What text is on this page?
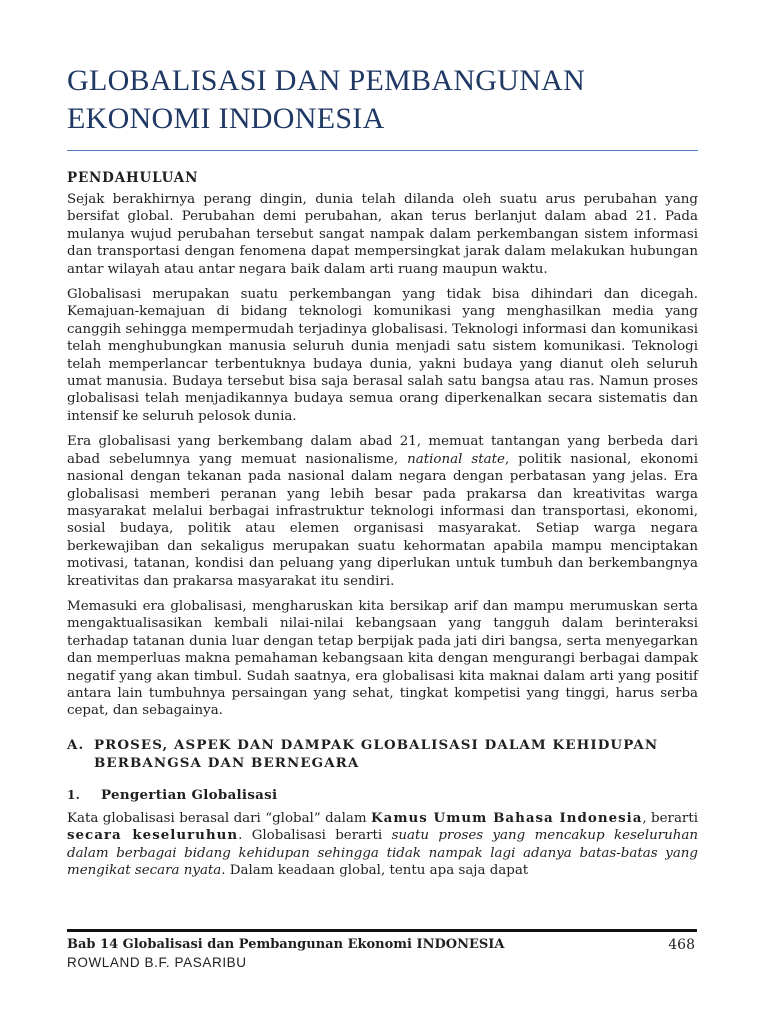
GLOBALISASI DAN PEMBANGUNAN
EKONOMI INDONESIA
PENDAHULUAN

Sejak berakhirnya perang dingin, dunia telah dilanda oleh suatu arus perubahan yang bersifat global. Perubahan demi perubahan, akan terus berlanjut dalam abad 21. Pada mulanya wujud perubahan tersebut sangat nampak dalam perkembangan sistem informasi dan transportasi dengan fenomena dapat mempersingkat jarak dalam melakukan hubungan antar wilayah atau antar negara baik dalam arti ruang maupun waktu.

Globalisasi merupakan suatu perkembangan yang tidak bisa dihindari dan dicegah. Kemajuan-kemajuan di bidang teknologi komunikasi yang menghasilkan media yang canggih sehingga mempermudah terjadinya globalisasi. Teknologi informasi dan komunikasi telah menghubungkan manusia seluruh dunia menjadi satu sistem komunikasi. Teknologi telah memperlancar terbentuknya budaya dunia, yakni budaya yang dianut oleh seluruh umat manusia. Budaya tersebut bisa saja berasal salah satu bangsa atau ras. Namun proses globalisasi telah menjadikannya budaya semua orang diperkenalkan secara sistematis dan intensif ke seluruh pelosok dunia.

Era globalisasi yang berkembang dalam abad 21, memuat tantangan yang berbeda dari abad sebelumnya yang memuat nasionalisme, national state, politik nasional, ekonomi nasional dengan tekanan pada nasional dalam negara dengan perbatasan yang jelas. Era globalisasi memberi peranan yang lebih besar pada prakarsa dan kreativitas warga masyarakat melalui berbagai infrastruktur teknologi informasi dan transportasi, ekonomi, sosial budaya, politik atau elemen organisasi masyarakat. Setiap warga negara berkewajiban dan sekaligus merupakan suatu kehormatan apabila mampu menciptakan motivasi, tatanan, kondisi dan peluang yang diperlukan untuk tumbuh dan berkembangnya kreativitas dan prakarsa masyarakat itu sendiri.

Memasuki era globalisasi, mengharuskan kita bersikap arif dan mampu merumuskan serta mengaktualisasikan kembali nilai-nilai kebangsaan yang tangguh dalam berinteraksi terhadap tatanan dunia luar dengan tetap berpijak pada jati diri bangsa, serta menyegarkan dan memperluas makna pemahaman kebangsaan kita dengan mengurangi berbagai dampak negatif yang akan timbul. Sudah saatnya, era globalisasi kita maknai dalam arti yang positif antara lain tumbuhnya persaingan yang sehat, tingkat kompetisi yang tinggi, harus serba cepat, dan sebagainya.

A. PROSES, ASPEK DAN DAMPAK GLOBALISASI DALAM KEHIDUPAN BERBANGSA DAN BERNEGARA
1.	Pengertian Globalisasi

Kata globalisasi berasal dari “global” dalam Kamus Umum Bahasa Indonesia, berarti secara keseluruhun. Globalisasi berarti suatu proses yang mencakup keseluruhan dalam berbagai bidang kehidupan sehingga tidak nampak lagi adanya batas-batas yang mengikat secara nyata. Dalam keadaan global, tentu apa saja dapat

Bab 14 Globalisasi dan Pembangunan Ekonomi INDONESIA	468
ROWLAND B.F. PASARIBU
